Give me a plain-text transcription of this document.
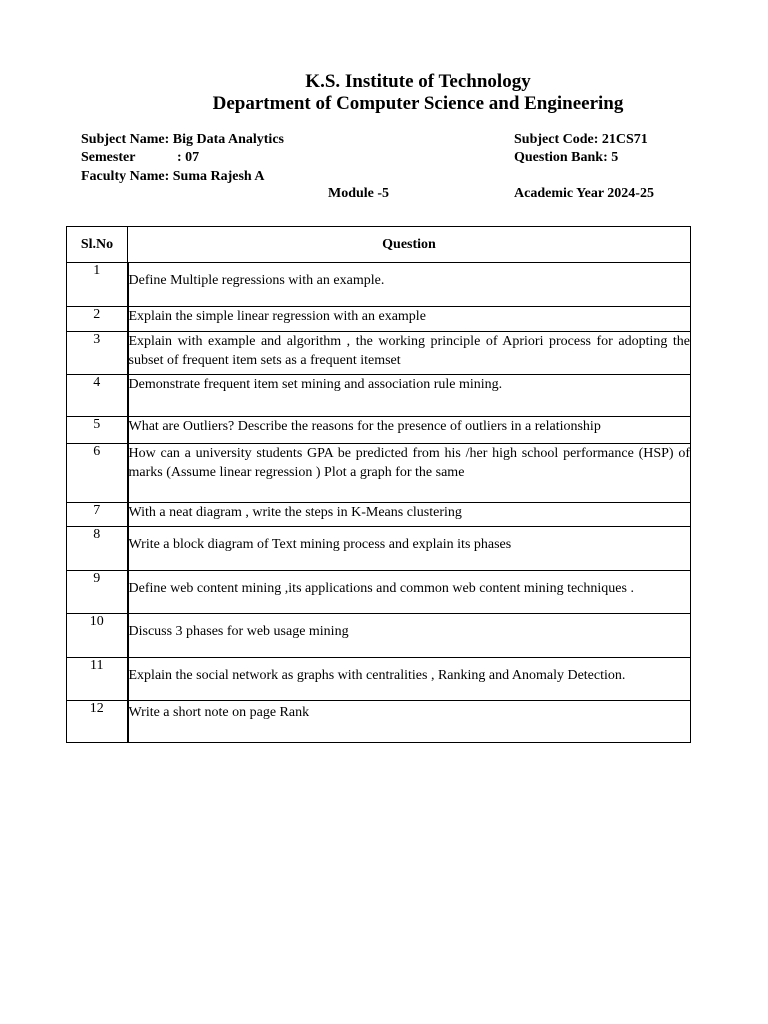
K.S. Institute of Technology
Department of Computer Science and Engineering
Subject Name: Big Data Analytics
Semester	: 07
Faculty Name: Suma Rajesh A
Module -5
Subject Code: 21CS71
Question Bank: 5
Academic Year 2024-25
Sl.No	Question
1	Define Multiple regressions with an example.
2	Explain the simple linear regression with an example
3	Explain with example and algorithm , the working principle of Apriori process for adopting the subset of frequent item sets as a frequent itemset
4	Demonstrate frequent item set mining and association rule mining.
5	What are Outliers? Describe the reasons for the presence of outliers in a relationship
6	How can a university students GPA be predicted from his /her high school performance (HSP) of marks (Assume linear regression ) Plot a graph for the same
7	With a neat diagram , write the steps in K-Means clustering
8	Write a block diagram of Text mining process and explain its phases
9	Define web content mining ,its applications and common web content mining techniques .
10	Discuss 3 phases for web usage mining
11	Explain the social network as graphs with centralities , Ranking and Anomaly Detection.
12	Write a short note on page Rank
